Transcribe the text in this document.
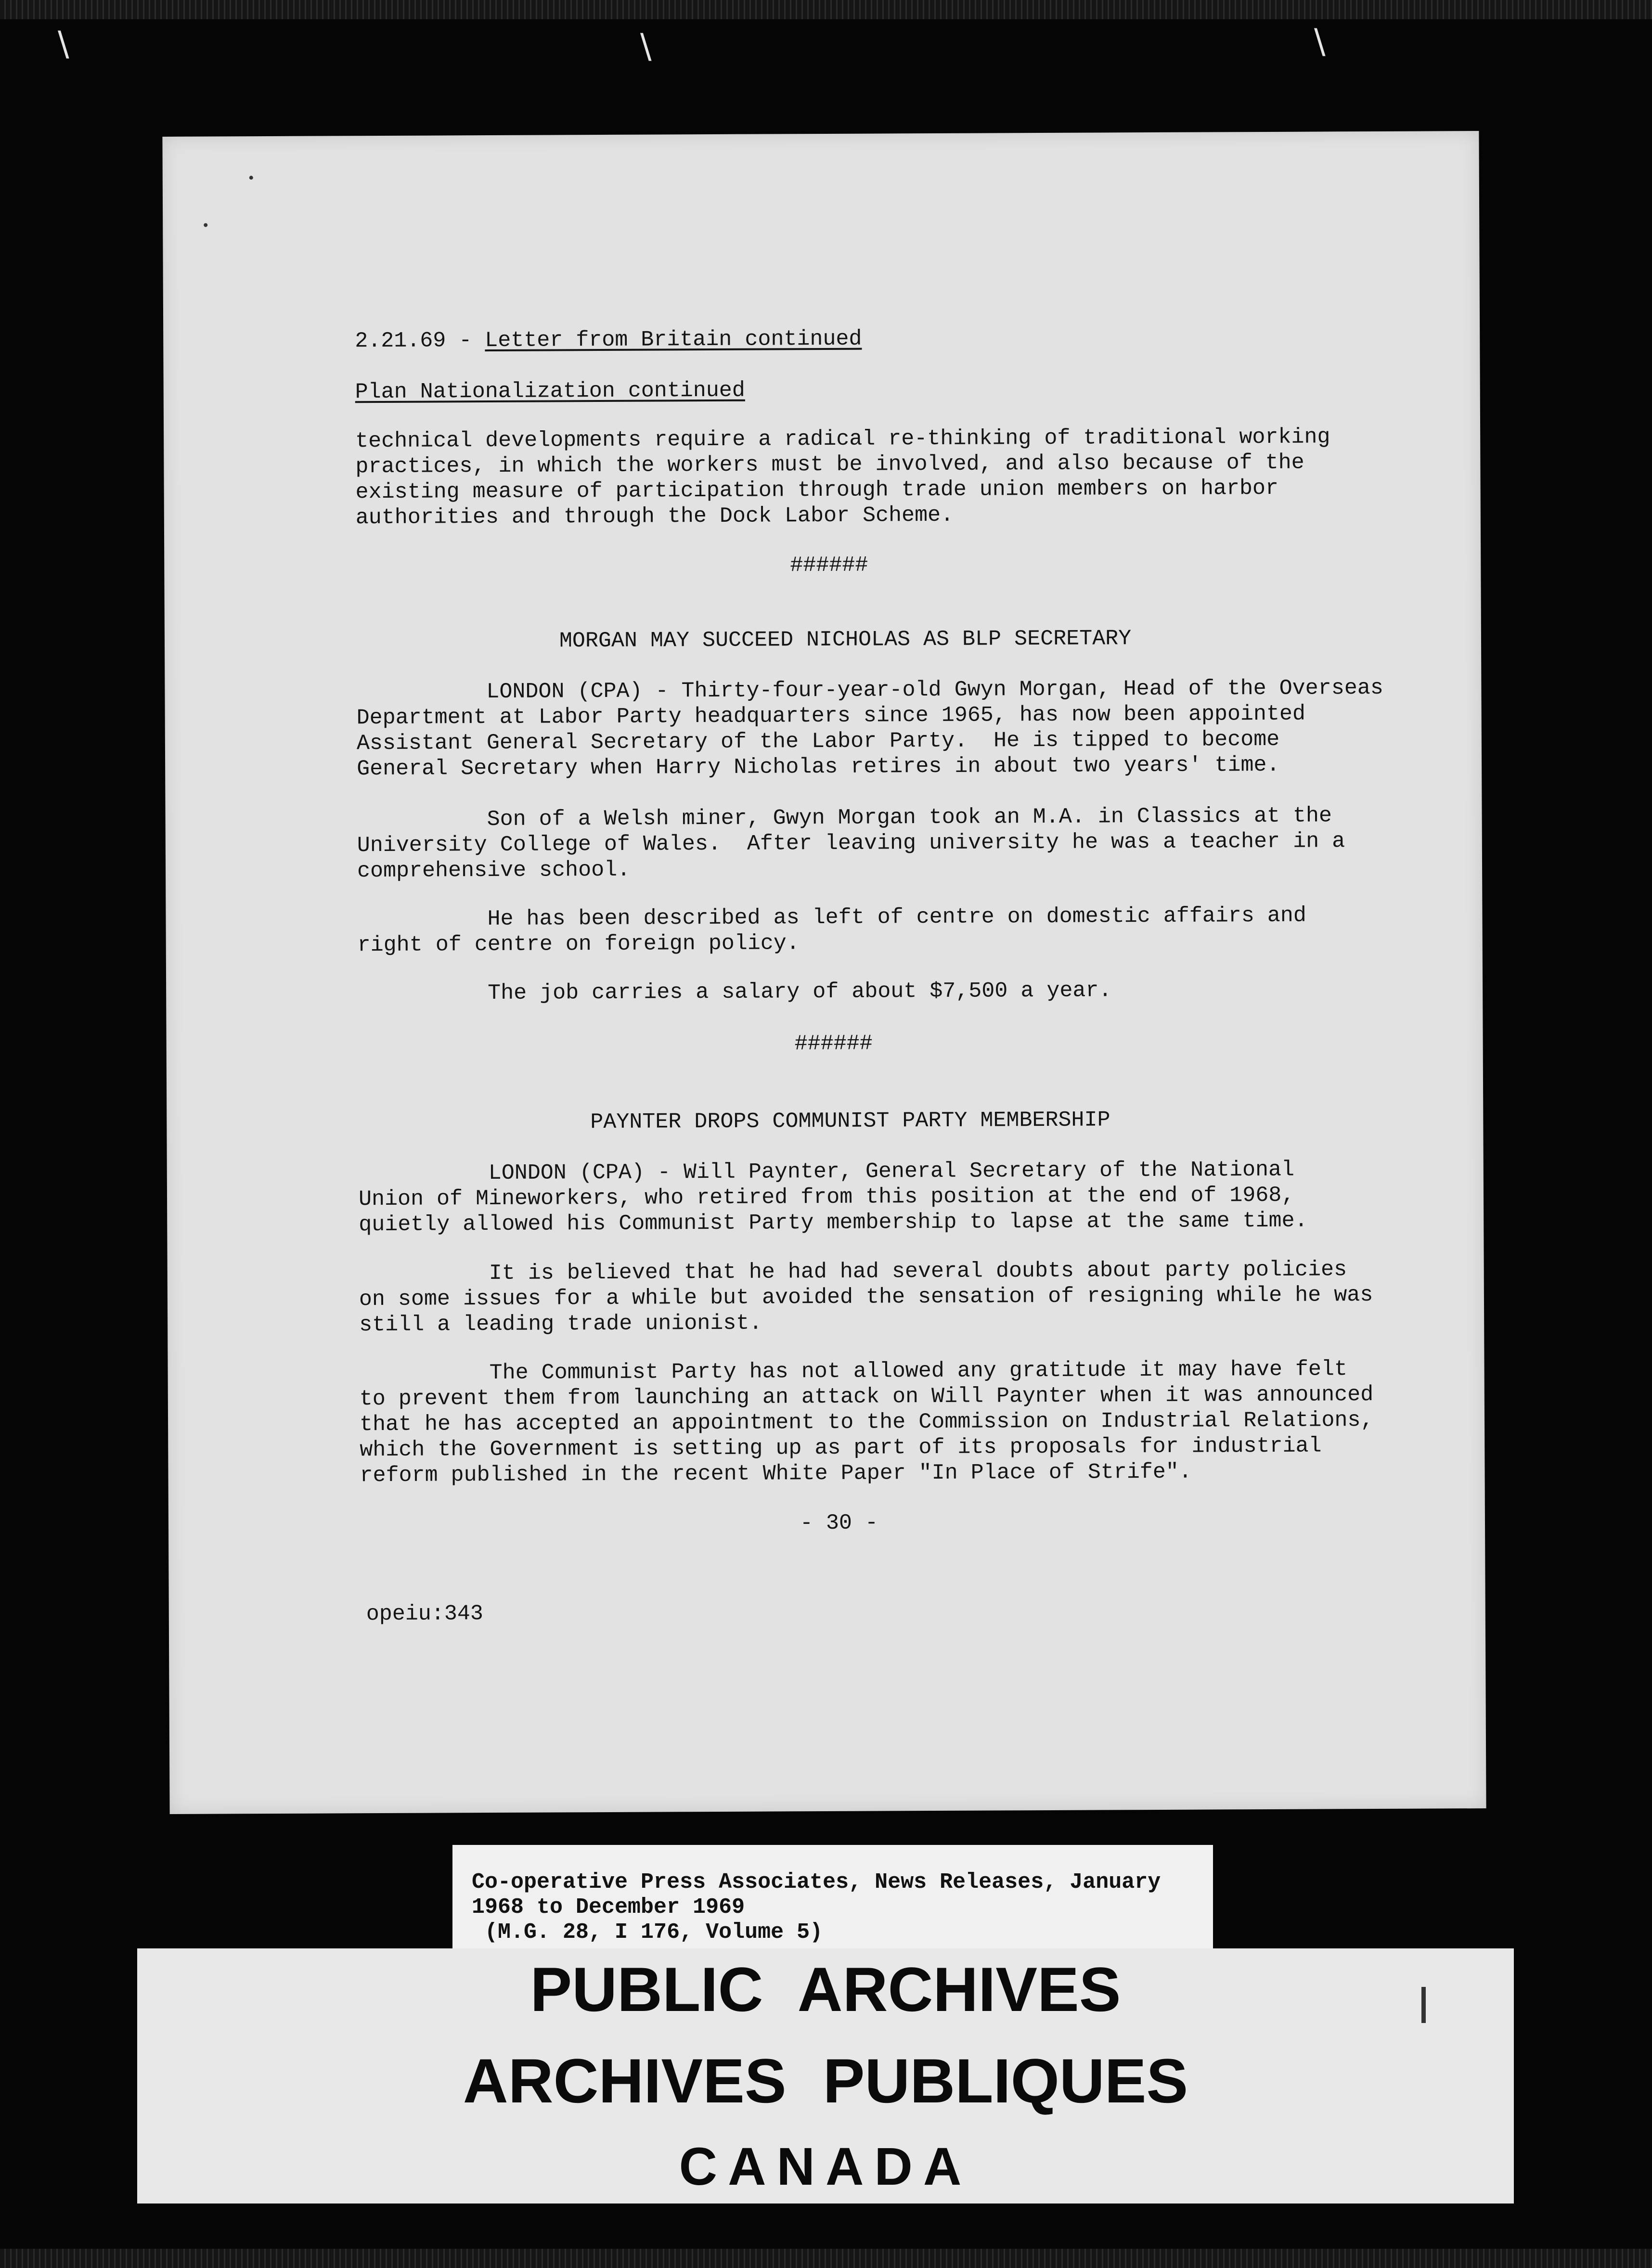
\	\
\
2.21.69 - Letter from Britain continued
Plan Nationalization continued
technical developments require a radical re-thinking of traditional working
practices, in which the workers must be involved, and also because of the
existing measure of participation through trade union members on harbor
authorities and through the Dock Labor Scheme.
######
MORGAN MAY SUCCEED NICHOLAS AS BLP SECRETARY
LONDON (CPA) - Thirty-four-year-old Gwyn Morgan, Head of the Overseas
Department at Labor Party headquarters since 1965, has now been appointed
Assistant General Secretary of the Labor Party.  He is tipped to become
General Secretary when Harry Nicholas retires in about two years' time.
Son of a Welsh miner, Gwyn Morgan took an M.A. in Classics at the
University College of Wales.  After leaving university he was a teacher in a
comprehensive school.
He has been described as left of centre on domestic affairs and
right of centre on foreign policy.
The job carries a salary of about $7,500 a year.
######
PAYNTER DROPS COMMUNIST PARTY MEMBERSHIP
LONDON (CPA) - Will Paynter, General Secretary of the National
Union of Mineworkers, who retired from this position at the end of 1968,
quietly allowed his Communist Party membership to lapse at the same time.
It is believed that he had had several doubts about party policies
on some issues for a while but avoided the sensation of resigning while he was
still a leading trade unionist.
The Communist Party has not allowed any gratitude it may have felt
to prevent them from launching an attack on Will Paynter when it was announced
that he has accepted an appointment to the Commission on Industrial Relations,
which the Government is setting up as part of its proposals for industrial
reform published in the recent White Paper "In Place of Strife".
- 30 -
opeiu:343
Co-operative Press Associates, News Releases, January
1968 to December 1969
(M.G. 28, I 176, Volume 5)
PUBLIC ARCHIVES
ARCHIVES PUBLIQUES
CANADA
